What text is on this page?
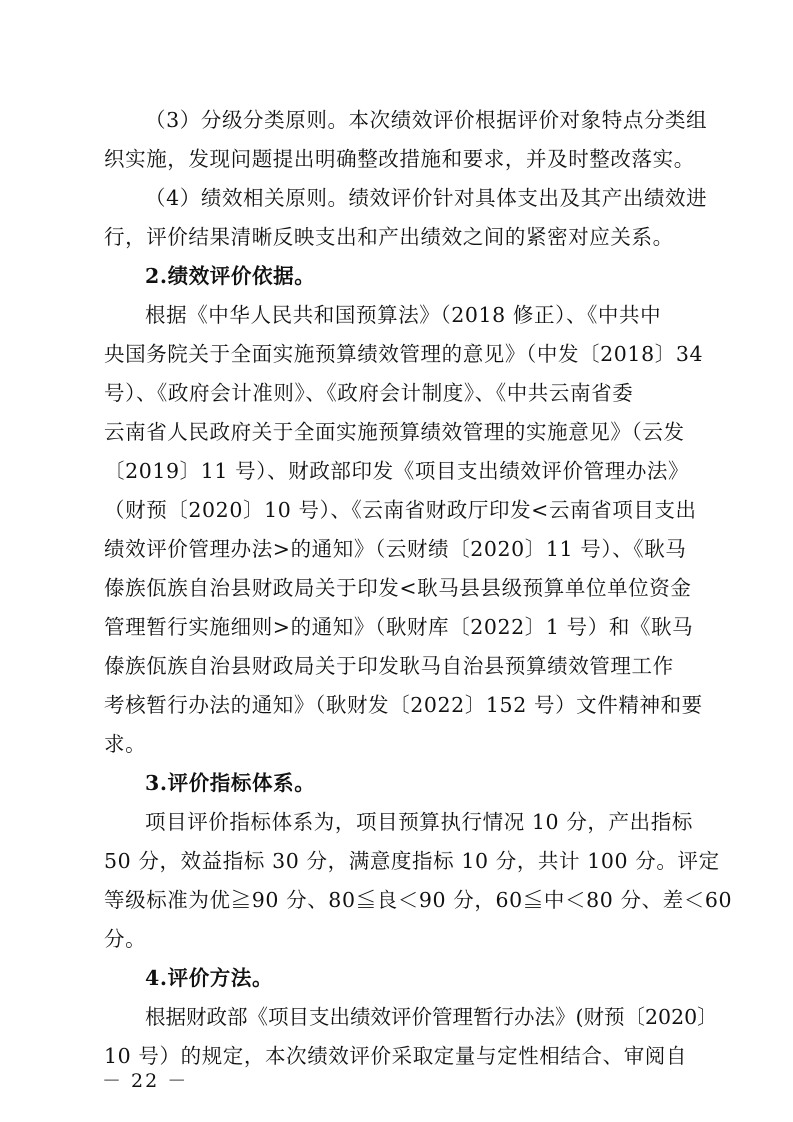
（3）分级分类原则。本次绩效评价根据评价对象特点分类组
织实施，发现问题提出明确整改措施和要求，并及时整改落实。
（4）绩效相关原则。绩效评价针对具体支出及其产出绩效进
行，评价结果清晰反映支出和产出绩效之间的紧密对应关系。
2.绩效评价依据。
根据《中华人民共和国预算法》（2018 修正）、《中共中
央国务院关于全面实施预算绩效管理的意见》（中发〔2018〕34
号）、《政府会计准则》、《政府会计制度》、《中共云南省委
云南省人民政府关于全面实施预算绩效管理的实施意见》（云发
〔2019〕11 号）、财政部印发《项目支出绩效评价管理办法》
（财预〔2020〕10 号）、《云南省财政厅印发<云南省项目支出
绩效评价管理办法>的通知》（云财绩〔2020〕11 号）、《耿马
傣族佤族自治县财政局关于印发<耿马县县级预算单位单位资金
管理暂行实施细则>的通知》（耿财库〔2022〕1 号）和《耿马
傣族佤族自治县财政局关于印发耿马自治县预算绩效管理工作
考核暂行办法的通知》（耿财发〔2022〕152 号）文件精神和要
求。
3.评价指标体系。
项目评价指标体系为，项目预算执行情况 10 分，产出指标
50 分，效益指标 30 分，满意度指标 10 分，共计 100 分。评定
等级标准为优≧90 分、80≦良＜90 分，60≦中＜80 分、差＜60
分。
4.评价方法。
根据财政部《项目支出绩效评价管理暂行办法》(财预〔2020〕
10 号）的规定，本次绩效评价采取定量与定性相结合、审阅自
－ 22 －
